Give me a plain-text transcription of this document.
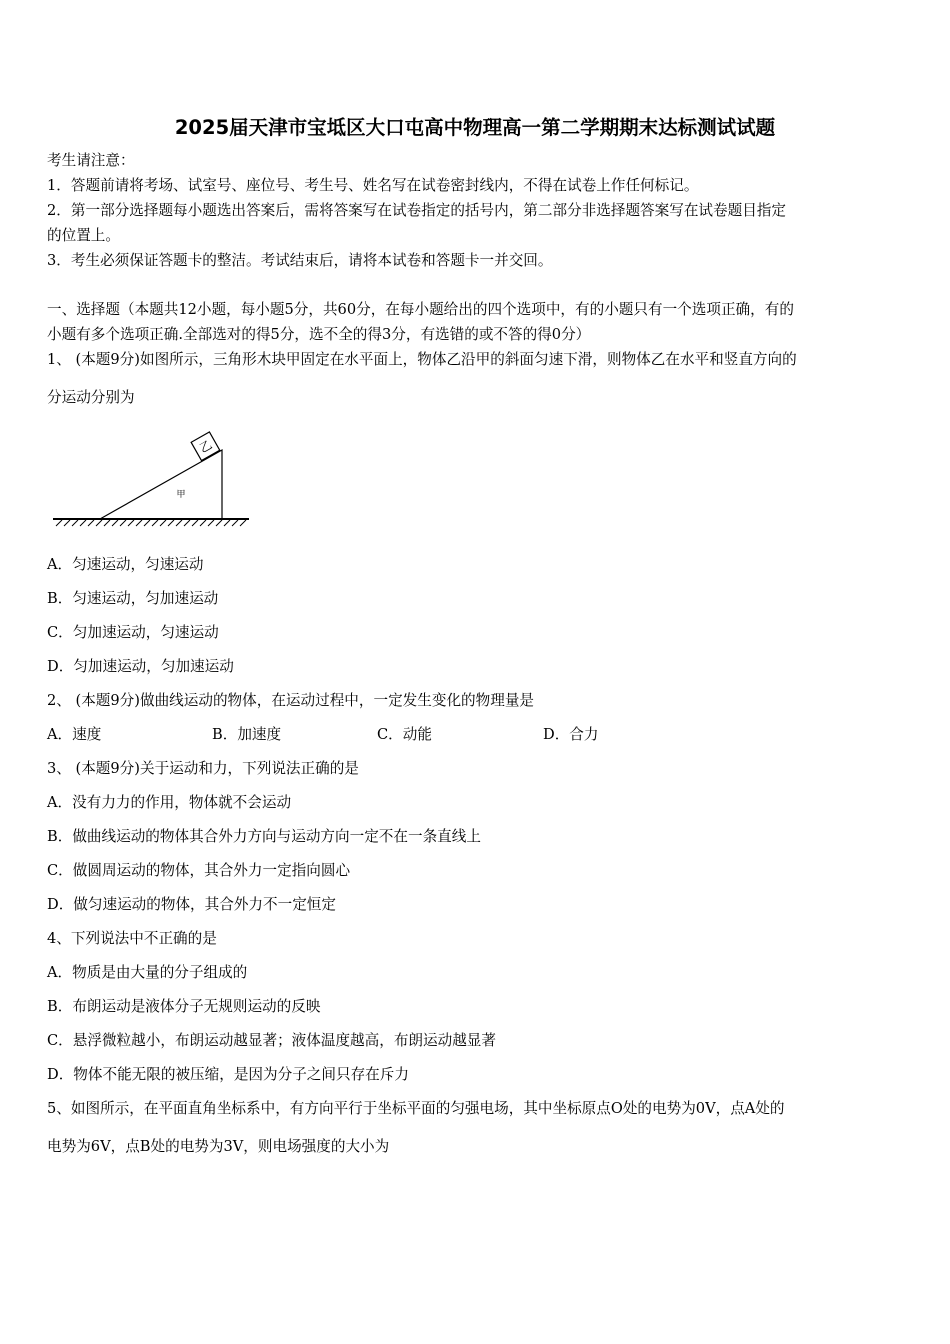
2025届天津市宝坻区大口屯高中物理高一第二学期期末达标测试试题
考生请注意：
1．答题前请将考场、试室号、座位号、考生号、姓名写在试卷密封线内，不得在试卷上作任何标记。
2．第一部分选择题每小题选出答案后，需将答案写在试卷指定的括号内，第二部分非选择题答案写在试卷题目指定
的位置上。
3．考生必须保证答题卡的整洁。考试结束后，请将本试卷和答题卡一并交回。
一、选择题（本题共12小题，每小题5分，共60分，在每小题给出的四个选项中，有的小题只有一个选项正确，有的
小题有多个选项正确.全部选对的得5分，选不全的得3分，有选错的或不答的得0分）
1、 (本题9分)如图所示，三角形木块甲固定在水平面上，物体乙沿甲的斜面匀速下滑，则物体乙在水平和竖直方向的
分运动分别为
乙
甲
A．匀速运动，匀速运动
B．匀速运动，匀加速运动
C．匀加速运动，匀速运动
D．匀加速运动，匀加速运动
2、 (本题9分)做曲线运动的物体，在运动过程中，一定发生变化的物理量是
A．速度	B．加速度	C．动能	D．合力
3、 (本题9分)关于运动和力，下列说法正确的是
A．没有力力的作用，物体就不会运动
B．做曲线运动的物体其合外力方向与运动方向一定不在一条直线上
C．做圆周运动的物体，其合外力一定指向圆心
D．做匀速运动的物体，其合外力不一定恒定
4、下列说法中不正确的是
A．物质是由大量的分子组成的
B．布朗运动是液体分子无规则运动的反映
C．悬浮微粒越小，布朗运动越显著；液体温度越高，布朗运动越显著
D．物体不能无限的被压缩，是因为分子之间只存在斥力
5、如图所示，在平面直角坐标系中，有方向平行于坐标平面的匀强电场，其中坐标原点O处的电势为0V，点A处的
电势为6V，点B处的电势为3V，则电场强度的大小为
